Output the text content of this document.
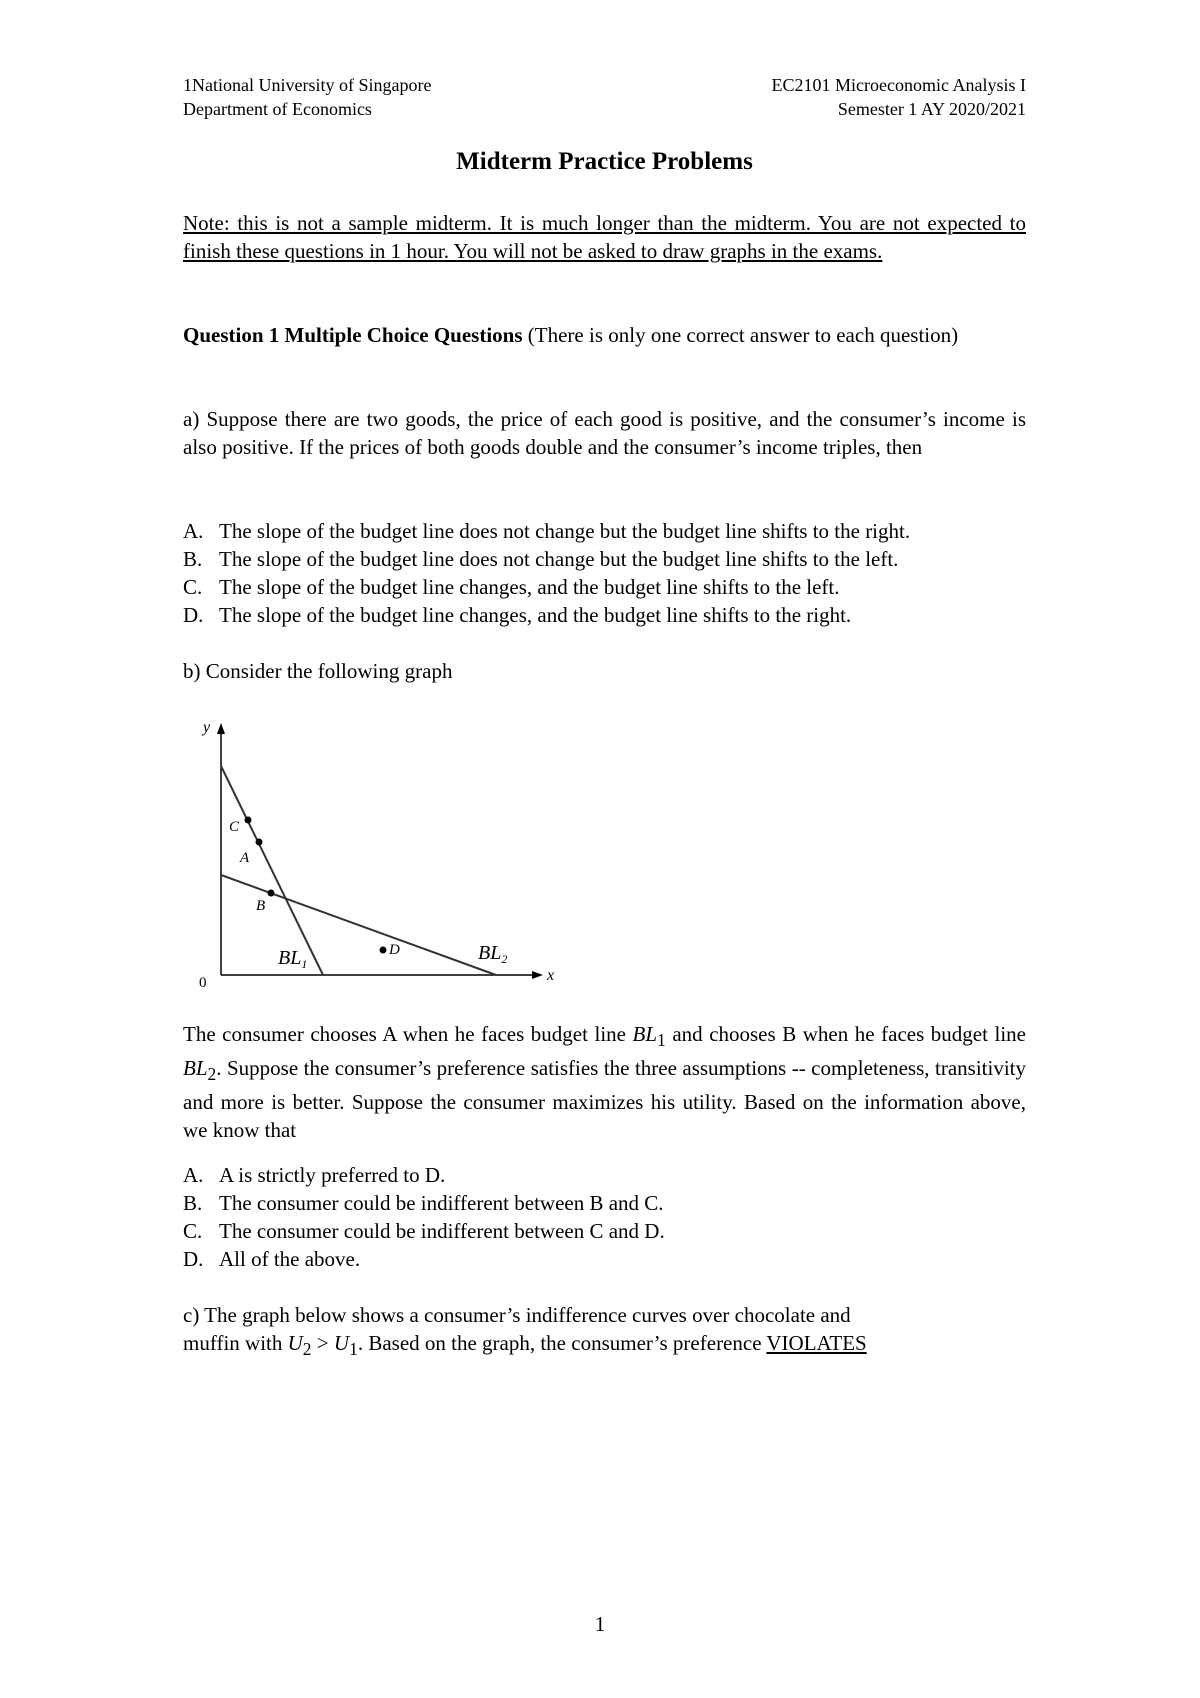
1National University of Singapore
Department of Economics
EC2101 Microeconomic Analysis I
Semester 1 AY 2020/2021
Midterm Practice Problems
Note: this is not a sample midterm. It is much longer than the midterm. You are not expected to finish these questions in 1 hour. You will not be asked to draw graphs in the exams.
Question 1 Multiple Choice Questions (There is only one correct answer to each question)
a) Suppose there are two goods, the price of each good is positive, and the consumer’s income is also positive. If the prices of both goods double and the consumer’s income triples, then
A. The slope of the budget line does not change but the budget line shifts to the right.
B. The slope of the budget line does not change but the budget line shifts to the left.
C. The slope of the budget line changes, and the budget line shifts to the left.
D. The slope of the budget line changes, and the budget line shifts to the right.
b) Consider the following graph
y
x
0
C
A
B
D
$BL_1$	$BL_2$
The consumer chooses A when he faces budget line $BL_1$ and chooses B when he faces budget line $BL_2$. Suppose the consumer’s preference satisfies the three assumptions -- completeness, transitivity and more is better. Suppose the consumer maximizes his utility. Based on the information above, we know that
A. A is strictly preferred to D.
B. The consumer could be indifferent between B and C.
C. The consumer could be indifferent between C and D.
D. All of the above.
c) The graph below shows a consumer’s indifference curves over chocolate and
muffin with $U_2 > U_1$. Based on the graph, the consumer’s preference VIOLATES
1
